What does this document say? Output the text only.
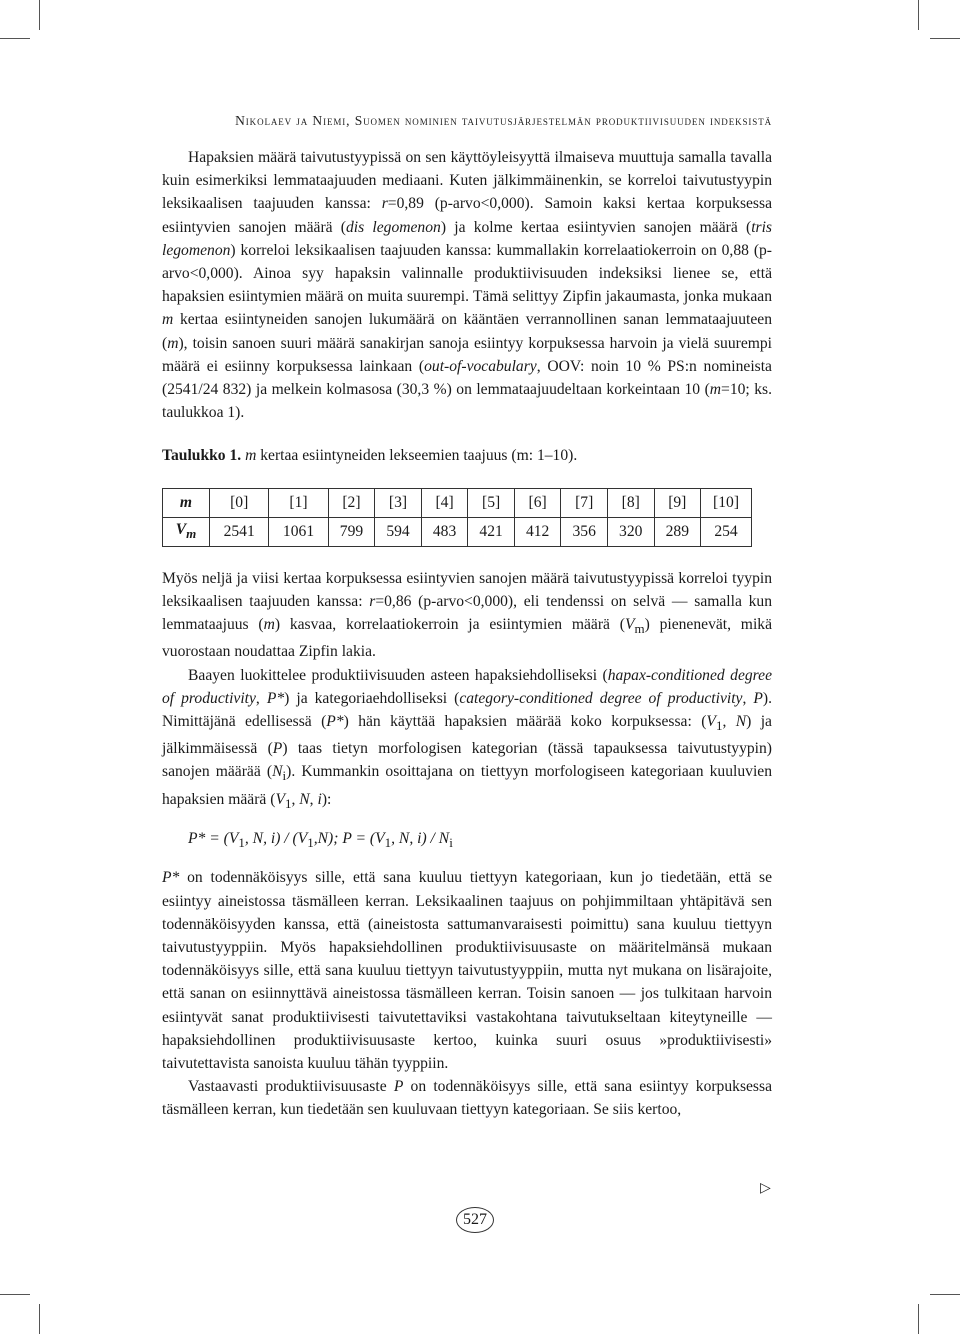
Nikolaev ja Niemi, Suomen nominien taivutusjärjestelmän produktiivisuuden indeksistä

Hapaksien määrä taivutustyypissä on sen käyttöyleisyyttä ilmaiseva muuttuja samalla tavalla kuin esimerkiksi lemmataajuuden mediaani. Kuten jälkimmäinenkin, se korreloi taivutustyypin leksikaalisen taajuuden kanssa: r=0,89 (p-arvo<0,000). Samoin kaksi kertaa korpuksessa esiintyvien sanojen määrä (dis legomenon) ja kolme kertaa esiintyvien sanojen määrä (tris legomenon) korreloi leksikaalisen taajuuden kanssa: kummallakin korrelaatiokerroin on 0,88 (p-arvo<0,000). Ainoa syy hapaksin valinnalle produktiivisuuden indeksiksi lienee se, että hapaksien esiintymien määrä on muita suurempi. Tämä selittyy Zipfin jakaumasta, jonka mukaan m kertaa esiintyneiden sanojen lukumäärä on kääntäen verrannollinen sanan lemmataajuuteen (m), toisin sanoen suuri määrä sanakirjan sanoja esiintyy korpuksessa harvoin ja vielä suurempi määrä ei esiinny korpuksessa lainkaan (out-of-vocabulary, OOV: noin 10 % PS:n nomineista (2541/24 832) ja melkein kolmasosa (30,3 %) on lemmataajuudeltaan korkeintaan 10 (m=10; ks. taulukkoa 1).

Taulukko 1. m kertaa esiintyneiden lekseemien taajuus (m: 1–10).

m	[0]	[1]	[2]	[3]	[4]	[5]	[6]	[7]	[8]	[9]	[10]
$V_m$	2541	1061	799	594	483	421	412	356	320	289	254

Myös neljä ja viisi kertaa korpuksessa esiintyvien sanojen määrä taivutustyypissä korreloi tyypin leksikaalisen taajuuden kanssa: r=0,86 (p-arvo<0,000), eli tendenssi on selvä — samalla kun lemmataajuus (m) kasvaa, korrelaatiokerroin ja esiintymien määrä $(V_m)$ pienenevät, mikä vuorostaan noudattaa Zipfin lakia.

Baayen luokittelee produktiivisuuden asteen hapaksiehdolliseksi (hapax-conditioned degree of productivity, P*) ja kategoriaehdolliseksi (category-conditioned degree of productivity, P). Nimittäjänä edellisessä (P*) hän käyttää hapaksien määrää koko korpuksessa: ($V_1$, N) ja jälkimmäisessä (P) taas tietyn morfologisen kategorian (tässä tapauksessa taivutustyypin) sanojen määrää $(N_i)$. Kummankin osoittajana on tiettyyn morfologiseen kategoriaan kuuluvien hapaksien määrä ($V_1$, N, i):

$P* = (V_1$, N, $i) / (V_1,N)$; $P = (V_1$, N, $i) / N_i$

P* on todennäköisyys sille, että sana kuuluu tiettyyn kategoriaan, kun jo tiedetään, että se esiintyy aineistossa täsmälleen kerran. Leksikaalinen taajuus on pohjimmiltaan yhtäpitävä sen todennäköisyyden kanssa, että (aineistosta sattumanvaraisesti poimittu) sana kuuluu tiettyyn taivutustyyppiin. Myös hapaksiehdollinen produktiivisuusaste on määritelmänsä mukaan todennäköisyys sille, että sana kuuluu tiettyyn taivutustyyppiin, mutta nyt mukana on lisärajoite, että sanan on esiinnyttävä aineistossa täsmälleen kerran. Toisin sanoen — jos tulkitaan harvoin esiintyvät sanat produktiivisesti taivutettaviksi vastakohtana taivutukseltaan kiteytyneille — hapaksiehdollinen produktiivisuusaste kertoo, kuinka suuri osuus »produktiivisesti» taivutettavista sanoista kuuluu tähän tyyppiin.

Vastaavasti produktiivisuusaste P on todennäköisyys sille, että sana esiintyy korpuksessa täsmälleen kerran, kun tiedetään sen kuuluvaan tiettyyn kategoriaan. Se siis kertoo,

▷
527
